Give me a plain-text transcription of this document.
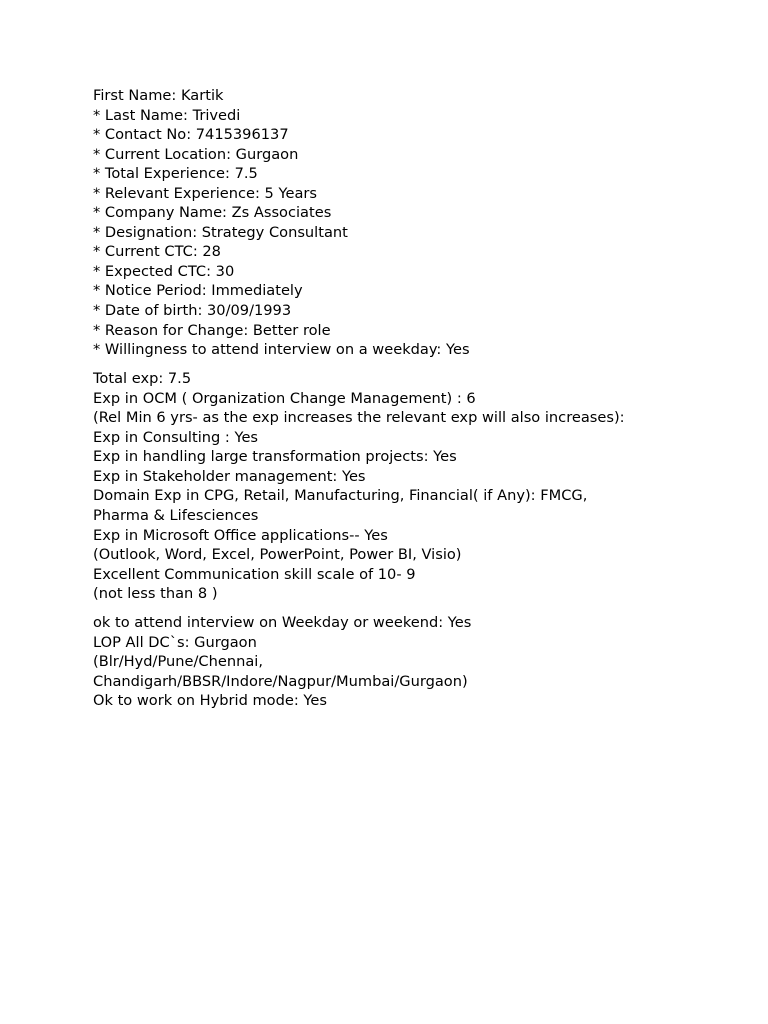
First Name: Kartik
* Last Name: Trivedi
* Contact No: 7415396137
* Current Location: Gurgaon
* Total Experience: 7.5
* Relevant Experience: 5 Years
* Company Name: Zs Associates
* Designation: Strategy Consultant
* Current CTC: 28
* Expected CTC: 30
* Notice Period: Immediately
* Date of birth: 30/09/1993
* Reason for Change: Better role
* Willingness to attend interview on a weekday: Yes
Total exp: 7.5
Exp in OCM ( Organization Change Management) : 6
(Rel Min 6 yrs- as the exp increases the relevant exp will also increases):
Exp in Consulting : Yes
Exp in handling large transformation projects: Yes
Exp in Stakeholder management: Yes
Domain Exp in CPG, Retail, Manufacturing, Financial( if Any): FMCG,
Pharma & Lifesciences
Exp in Microsoft Office applications-- Yes
(Outlook, Word, Excel, PowerPoint, Power BI, Visio)
Excellent Communication skill scale of 10- 9
(not less than 8 )
ok to attend interview on Weekday or weekend: Yes
LOP All DC`s: Gurgaon
(Blr/Hyd/Pune/Chennai,
Chandigarh/BBSR/Indore/Nagpur/Mumbai/Gurgaon)
Ok to work on Hybrid mode: Yes
